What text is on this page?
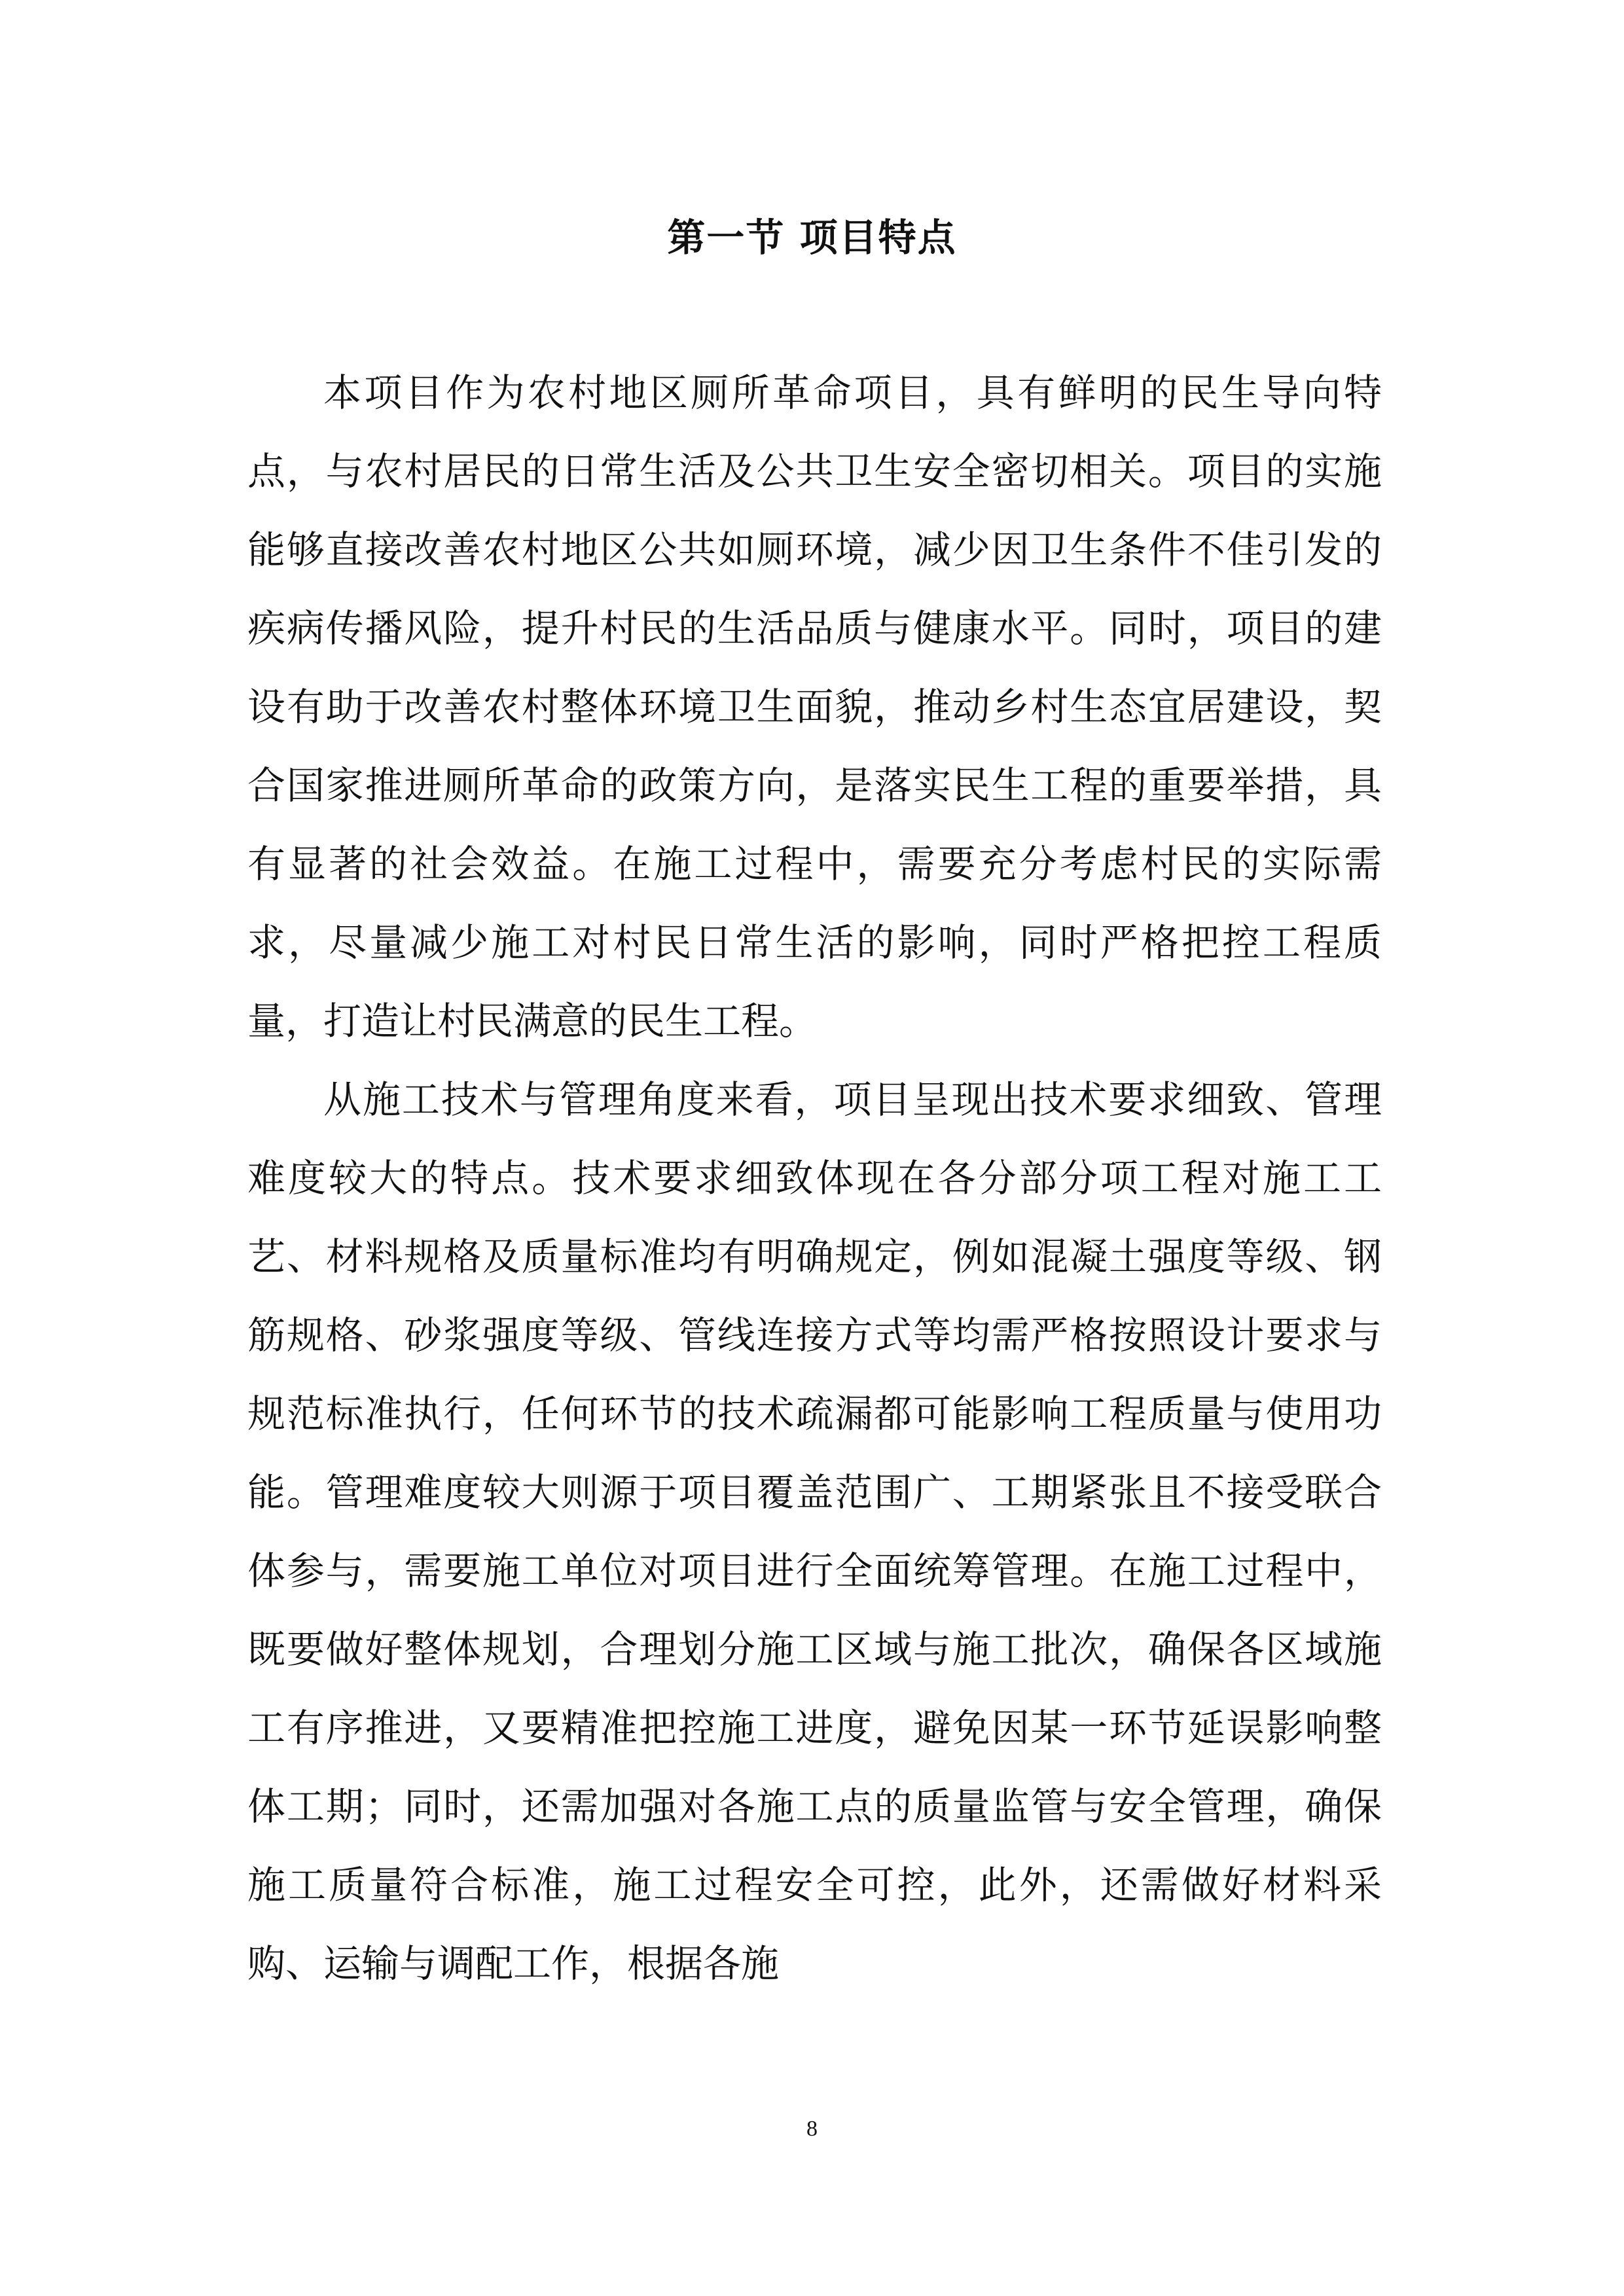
第一节 项目特点

本项目作为农村地区厕所革命项目，具有鲜明的民生导向特点，与农村居民的日常生活及公共卫生安全密切相关。项目的实施能够直接改善农村地区公共如厕环境，减少因卫生条件不佳引发的疾病传播风险，提升村民的生活品质与健康水平。同时，项目的建设有助于改善农村整体环境卫生面貌，推动乡村生态宜居建设，契合国家推进厕所革命的政策方向，是落实民生工程的重要举措，具有显著的社会效益。在施工过程中，需要充分考虑村民的实际需求，尽量减少施工对村民日常生活的影响，同时严格把控工程质量，打造让村民满意的民生工程。

从施工技术与管理角度来看，项目呈现出技术要求细致、管理难度较大的特点。技术要求细致体现在各分部分项工程对施工工艺、材料规格及质量标准均有明确规定，例如混凝土强度等级、钢筋规格、砂浆强度等级、管线连接方式等均需严格按照设计要求与规范标准执行，任何环节的技术疏漏都可能影响工程质量与使用功能。管理难度较大则源于项目覆盖范围广、工期紧张且不接受联合体参与，需要施工单位对项目进行全面统筹管理。在施工过程中，既要做好整体规划，合理划分施工区域与施工批次，确保各区域施工有序推进，又要精准把控施工进度，避免因某一环节延误影响整体工期；同时，还需加强对各施工点的质量监管与安全管理，确保施工质量符合标准，施工过程安全可控，此外，还需做好材料采购、运输与调配工作，根据各施

8
